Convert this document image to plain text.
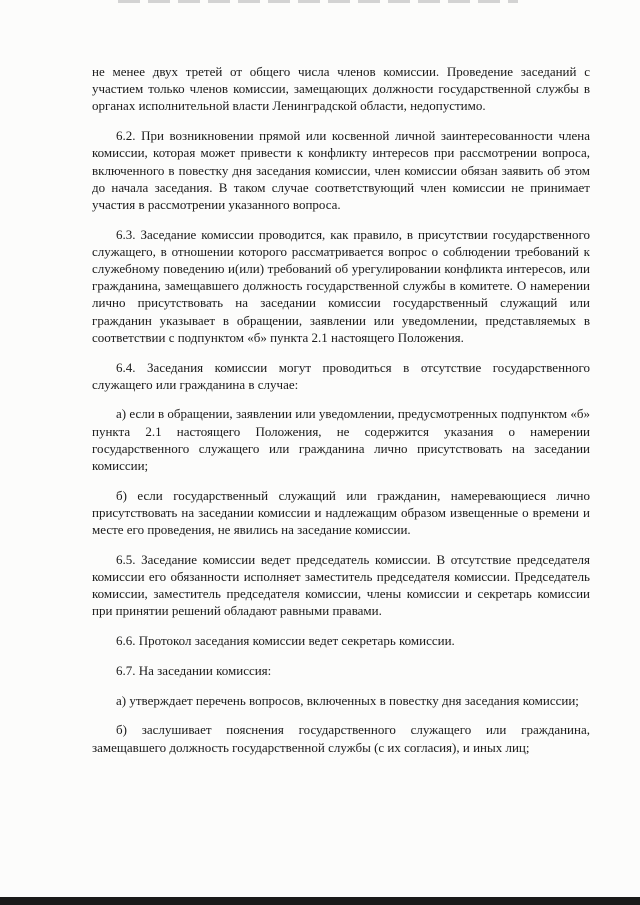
не менее двух третей от общего числа членов комиссии. Проведение заседаний с участием только членов комиссии, замещающих должности государственной службы в органах исполнительной власти Ленинградской области, недопустимо.

6.2. При возникновении прямой или косвенной личной заинтересованности члена комиссии, которая может привести к конфликту интересов при рассмотрении вопроса, включенного в повестку дня заседания комиссии, член комиссии обязан заявить об этом до начала заседания. В таком случае соответствующий член комиссии не принимает участия в рассмотрении указанного вопроса.

6.3. Заседание комиссии проводится, как правило, в присутствии государственного служащего, в отношении которого рассматривается вопрос о соблюдении требований к служебному поведению и(или) требований об урегулировании конфликта интересов, или гражданина, замещавшего должность государственной службы в комитете. О намерении лично присутствовать на заседании комиссии государственный служащий или гражданин указывает в обращении, заявлении или уведомлении, представляемых в соответствии с подпунктом «б» пункта 2.1 настоящего Положения.

6.4. Заседания комиссии могут проводиться в отсутствие государственного служащего или гражданина в случае:

а) если в обращении, заявлении или уведомлении, предусмотренных подпунктом «б» пункта 2.1 настоящего Положения, не содержится указания о намерении государственного служащего или гражданина лично присутствовать на заседании комиссии;

б) если государственный служащий или гражданин, намеревающиеся лично присутствовать на заседании комиссии и надлежащим образом извещенные о времени и месте его проведения, не явились на заседание комиссии.

6.5. Заседание комиссии ведет председатель комиссии. В отсутствие председателя комиссии его обязанности исполняет заместитель председателя комиссии. Председатель комиссии, заместитель председателя комиссии, члены комиссии и секретарь комиссии при принятии решений обладают равными правами.

6.6. Протокол заседания комиссии ведет секретарь комиссии.

6.7. На заседании комиссия:

а) утверждает перечень вопросов, включенных в повестку дня заседания комиссии;

б) заслушивает пояснения государственного служащего или гражданина, замещавшего должность государственной службы (с их согласия), и иных лиц;
